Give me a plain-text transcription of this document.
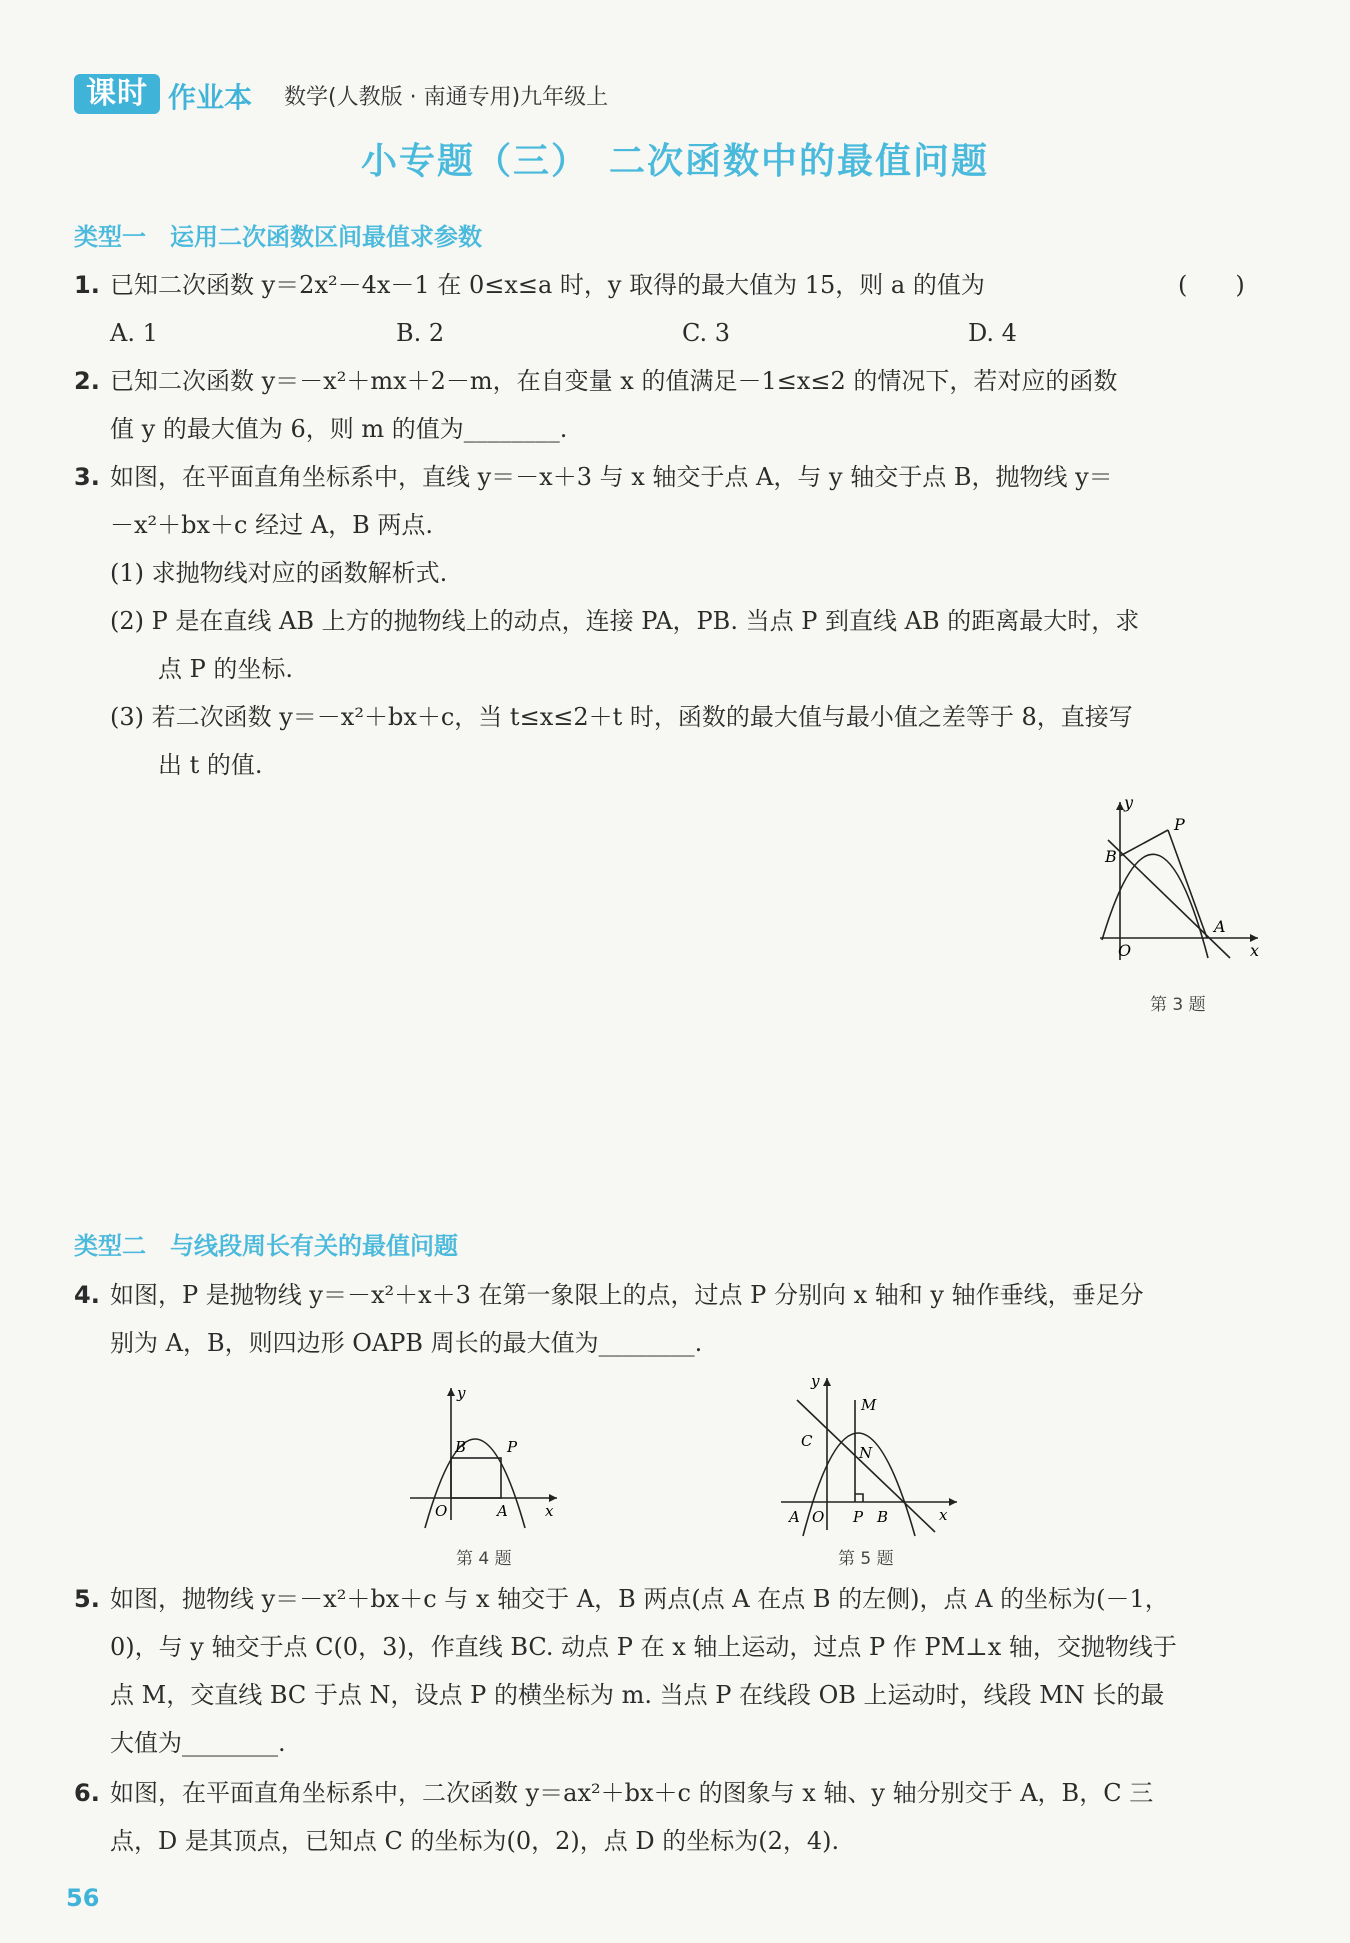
课时 作业本 数学(人教版 · 南通专用)九年级上
小专题（三）　二次函数中的最值问题
类型一　运用二次函数区间最值求参数
1. 已知二次函数 y＝2x²－4x－1 在 0≤x≤a 时，y 取得的最大值为 15，则 a 的值为	(　　)
A. 1	B. 2	C. 3	D. 4
2. 已知二次函数 y＝－x²＋mx＋2－m，在自变量 x 的值满足－1≤x≤2 的情况下，若对应的函数
值 y 的最大值为 6，则 m 的值为________.
3. 如图，在平面直角坐标系中，直线 y＝－x＋3 与 x 轴交于点 A，与 y 轴交于点 B，抛物线 y＝
－x²＋bx＋c 经过 A，B 两点.
(1) 求抛物线对应的函数解析式.
(2) P 是在直线 AB 上方的抛物线上的动点，连接 PA，PB. 当点 P 到直线 AB 的距离最大时，求
点 P 的坐标.
(3) 若二次函数 y＝－x²＋bx＋c，当 t≤x≤2＋t 时，函数的最大值与最小值之差等于 8，直接写
出 t 的值.
y
x
O
B
P
A
第 3 题
类型二　与线段周长有关的最值问题
4. 如图，P 是抛物线 y＝－x²＋x＋3 在第一象限上的点，过点 P 分别向 x 轴和 y 轴作垂线，垂足分
别为 A，B，则四边形 OAPB 周长的最大值为________.
y
x
O
B	P
A
第 4 题
y
x
C
M
N
A O P B
第 5 题
5. 如图，抛物线 y＝－x²＋bx＋c 与 x 轴交于 A，B 两点(点 A 在点 B 的左侧)，点 A 的坐标为(－1，
0)，与 y 轴交于点 C(0，3)，作直线 BC. 动点 P 在 x 轴上运动，过点 P 作 PM⊥x 轴，交抛物线于
点 M，交直线 BC 于点 N，设点 P 的横坐标为 m. 当点 P 在线段 OB 上运动时，线段 MN 长的最
大值为________.
6. 如图，在平面直角坐标系中，二次函数 y＝ax²＋bx＋c 的图象与 x 轴、y 轴分别交于 A，B，C 三
点，D 是其顶点，已知点 C 的坐标为(0，2)，点 D 的坐标为(2，4).
56
